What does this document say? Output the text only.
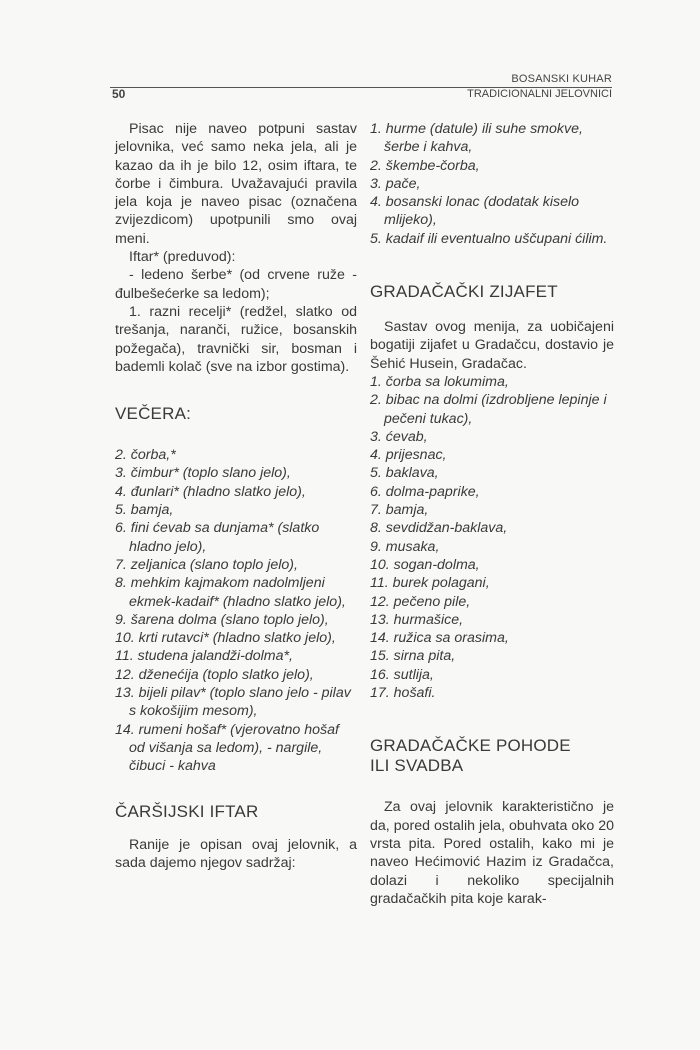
BOSANSKI KUHAR
TRADICIONALNI JELOVNICI
50

Pisac nije naveo potpuni sastav jelovnika, već samo neka jela, ali je kazao da ih je bilo 12, osim iftara, te čorbe i čimbura. Uvažavajući pravila jela koja je naveo pisac (označena zvijezdicom) upotpunili smo ovaj meni.

Iftar* (preduvod):

- ledeno šerbe* (od crvene ruže - đulbešećerke sa ledom);

1. razni recelji* (redžel, slatko od trešanja, naranči, ružice, bosanskih požegača), travnički sir, bosman i bademli kolač (sve na izbor gostima).

VEČERA:
2. čorba,*
3. čimbur* (toplo slano jelo),
4. đunlari* (hladno slatko jelo),
5. bamja,
6. fini ćevab sa dunjama* (slatko hladno jelo),
7. zeljanica (slano toplo jelo),
8. mehkim kajmakom nadolmljeni ekmek-kadaif* (hladno slatko jelo),
9. šarena dolma (slano toplo jelo),
10. krti rutavci* (hladno slatko jelo),
11. studena jalandži-dolma*,
12. dženećija (toplo slatko jelo),
13. bijeli pilav* (toplo slano jelo - pilav s kokošijim mesom),
14. rumeni hošaf* (vjerovatno hošaf od višanja sa ledom), - nargile, čibuci - kahva
ČARŠIJSKI IFTAR

Ranije je opisan ovaj jelovnik, a sada dajemo njegov sadržaj:

1. hurme (datule) ili suhe smokve, šerbe i kahva,
2. škembe-čorba,
3. pače,
4. bosanski lonac (dodatak kiselo mlijeko),
5. kadaif ili eventualno uščupani ćilim.
GRADAČAČKI ZIJAFET

Sastav ovog menija, za uobičajeni bogatiji zijafet u Gradačcu, dostavio je Šehić Husein, Gradačac.

1. čorba sa lokumima,
2. bibac na dolmi (izdrobljene lepinje i pečeni tukac),
3. ćevab,
4. prijesnac,
5. baklava,
6. dolma-paprike,
7. bamja,
8. sevdidžan-baklava,
9. musaka,
10. sogan-dolma,
11. burek polagani,
12. pečeno pile,
13. hurmašice,
14. ružica sa orasima,
15. sirna pita,
16. sutlija,
17. hošafi.
GRADAČAČKE POHODE
ILI SVADBA

Za ovaj jelovnik karakteristično je da, pored ostalih jela, obuhvata oko 20 vrsta pita. Pored ostalih, kako mi je naveo Hećimović Hazim iz Gradačca, dolazi i nekoliko specijalnih gradačačkih pita koje karak-
